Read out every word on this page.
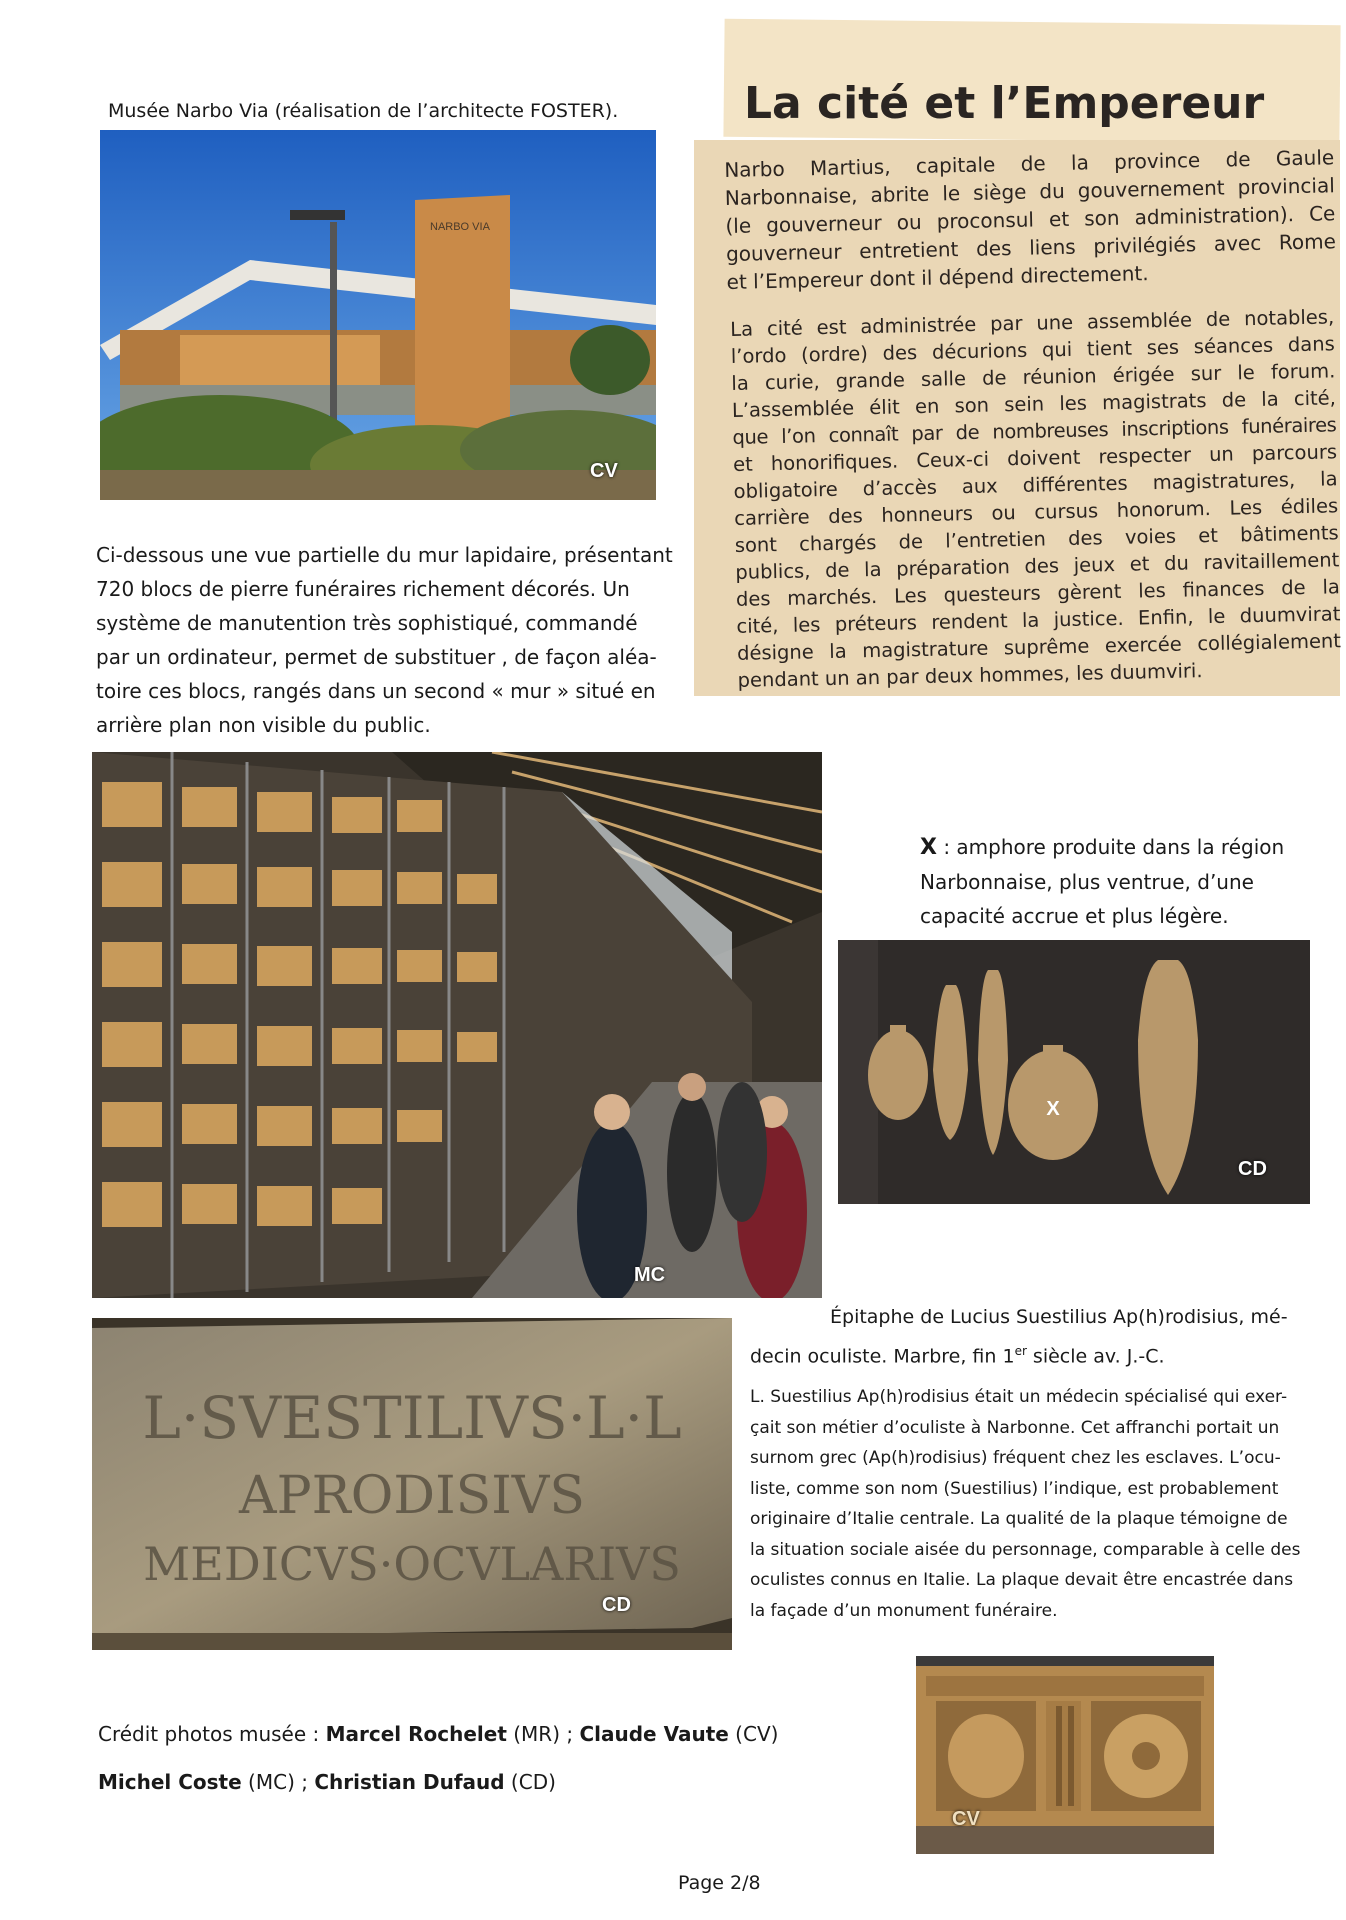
Musée Narbo Via (réalisation de l’architecte FOSTER).
NARBO VIA
CV
La cité et l’Empereur
Narbo Martius, capitale de la province de Gaule
Narbonnaise, abrite le siège du gouvernement provincial
(le gouverneur ou proconsul et son administration). Ce
gouverneur entretient des liens privilégiés avec Rome
et l’Empereur dont il dépend directement.
La cité est administrée par une assemblée de notables,
l’ordo (ordre) des décurions qui tient ses séances dans
la curie, grande salle de réunion érigée sur le forum.
L’assemblée élit en son sein les magistrats de la cité,
que l’on connaît par de nombreuses inscriptions funéraires
et honorifiques. Ceux-ci doivent respecter un parcours
obligatoire d’accès aux différentes magistratures, la
carrière des honneurs ou cursus honorum. Les édiles
sont chargés de l’entretien des voies et bâtiments
publics, de la préparation des jeux et du ravitaillement
des marchés. Les questeurs gèrent les finances de la
cité, les préteurs rendent la justice. Enfin, le duumvirat
désigne la magistrature suprême exercée collégialement
pendant un an par deux hommes, les duumviri.
Ci-dessous une vue partielle du mur lapidaire, présentant
720 blocs de pierre funéraires richement décorés. Un
système de manutention très sophistiqué, commandé
par un ordinateur, permet de substituer , de façon aléa-
toire ces blocs, rangés dans un second « mur » situé en
arrière plan non visible du public.
MC
X : amphore produite dans la région
Narbonnaise, plus ventrue, d’une
capacité accrue et plus légère.
X
CD
L·SVESTILIVS·L·L
APRODISIVS
MEDICVS·OCVLARIVS
CD
Épitaphe de Lucius Suestilius Ap(h)rodisius, mé-
decin oculiste. Marbre, fin 1er siècle av. J.-C.
L. Suestilius Ap(h)rodisius était un médecin spécialisé qui exer-
çait son métier d’oculiste à Narbonne. Cet affranchi portait un
surnom grec (Ap(h)rodisius) fréquent chez les esclaves. L’ocu-
liste, comme son nom (Suestilius) l’indique, est probablement
originaire d’Italie centrale. La qualité de la plaque témoigne de
la situation sociale aisée du personnage, comparable à celle des
oculistes connus en Italie. La plaque devait être encastrée dans
la façade d’un monument funéraire.
CV
Crédit photos musée : Marcel Rochelet (MR) ; Claude Vaute (CV)
Michel Coste (MC) ; Christian Dufaud (CD)
Page 2/8
